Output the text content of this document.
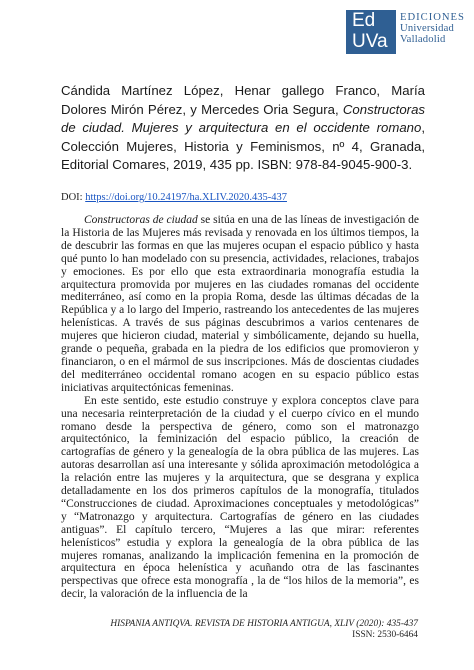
Ed
UVa
EDICIONES
Universidad
Valladolid
Cándida Martínez López, Henar gallego Franco, María Dolores Mirón Pérez, y Mercedes Oria Segura, Constructoras de ciudad. Mujeres y arquitectura en el occidente romano, Colección Mujeres, Historia y Feminismos, nº 4, Granada, Editorial Comares, 2019, 435 pp. ISBN: 978-84-9045-900-3.
DOI: https://doi.org/10.24197/ha.XLIV.2020.435-437

Constructoras de ciudad se sitúa en una de las líneas de investigación de la Historia de las Mujeres más revisada y renovada en los últimos tiempos, la de descubrir las formas en que las mujeres ocupan el espacio público y hasta qué punto lo han modelado con su presencia, actividades, relaciones, trabajos y emociones. Es por ello que esta extraordinaria monografía estudia la arquitectura promovida por mujeres en las ciudades romanas del occidente mediterráneo, así como en la propia Roma, desde las últimas décadas de la República y a lo largo del Imperio, rastreando los antecedentes de las mujeres helenísticas. A través de sus páginas descubrimos a varios centenares de mujeres que hicieron ciudad, material y simbólicamente, dejando su huella, grande o pequeña, grabada en la piedra de los edificios que promovieron y financiaron, o en el mármol de sus inscripciones. Más de doscientas ciudades del mediterráneo occidental romano acogen en su espacio público estas iniciativas arquitectónicas femeninas.

En este sentido, este estudio construye y explora conceptos clave para una necesaria reinterpretación de la ciudad y el cuerpo cívico en el mundo romano desde la perspectiva de género, como son el matronazgo arquitectónico, la feminización del espacio público, la creación de cartografías de género y la genealogía de la obra pública de las mujeres. Las autoras desarrollan así una interesante y sólida aproximación metodológica a la relación entre las mujeres y la arquitectura, que se desgrana y explica detalladamente en los dos primeros capítulos de la monografía, titulados “Construcciones de ciudad. Aproximaciones conceptuales y metodológicas” y “Matronazgo y arquitectura. Cartografías de género en las ciudades antiguas”. El capítulo tercero, “Mujeres a las que mirar: referentes helenísticos” estudia y explora la genealogía de la obra pública de las mujeres romanas, analizando la implicación femenina en la promoción de arquitectura en época helenística y acuñando otra de las fascinantes perspectivas que ofrece esta monografía , la de “los hilos de la memoria”, es decir, la valoración de la influencia de la

HISPANIA ANTIQVA. REVISTA DE HISTORIA ANTIGUA, XLIV (2020): 435-437
ISSN: 2530-6464
